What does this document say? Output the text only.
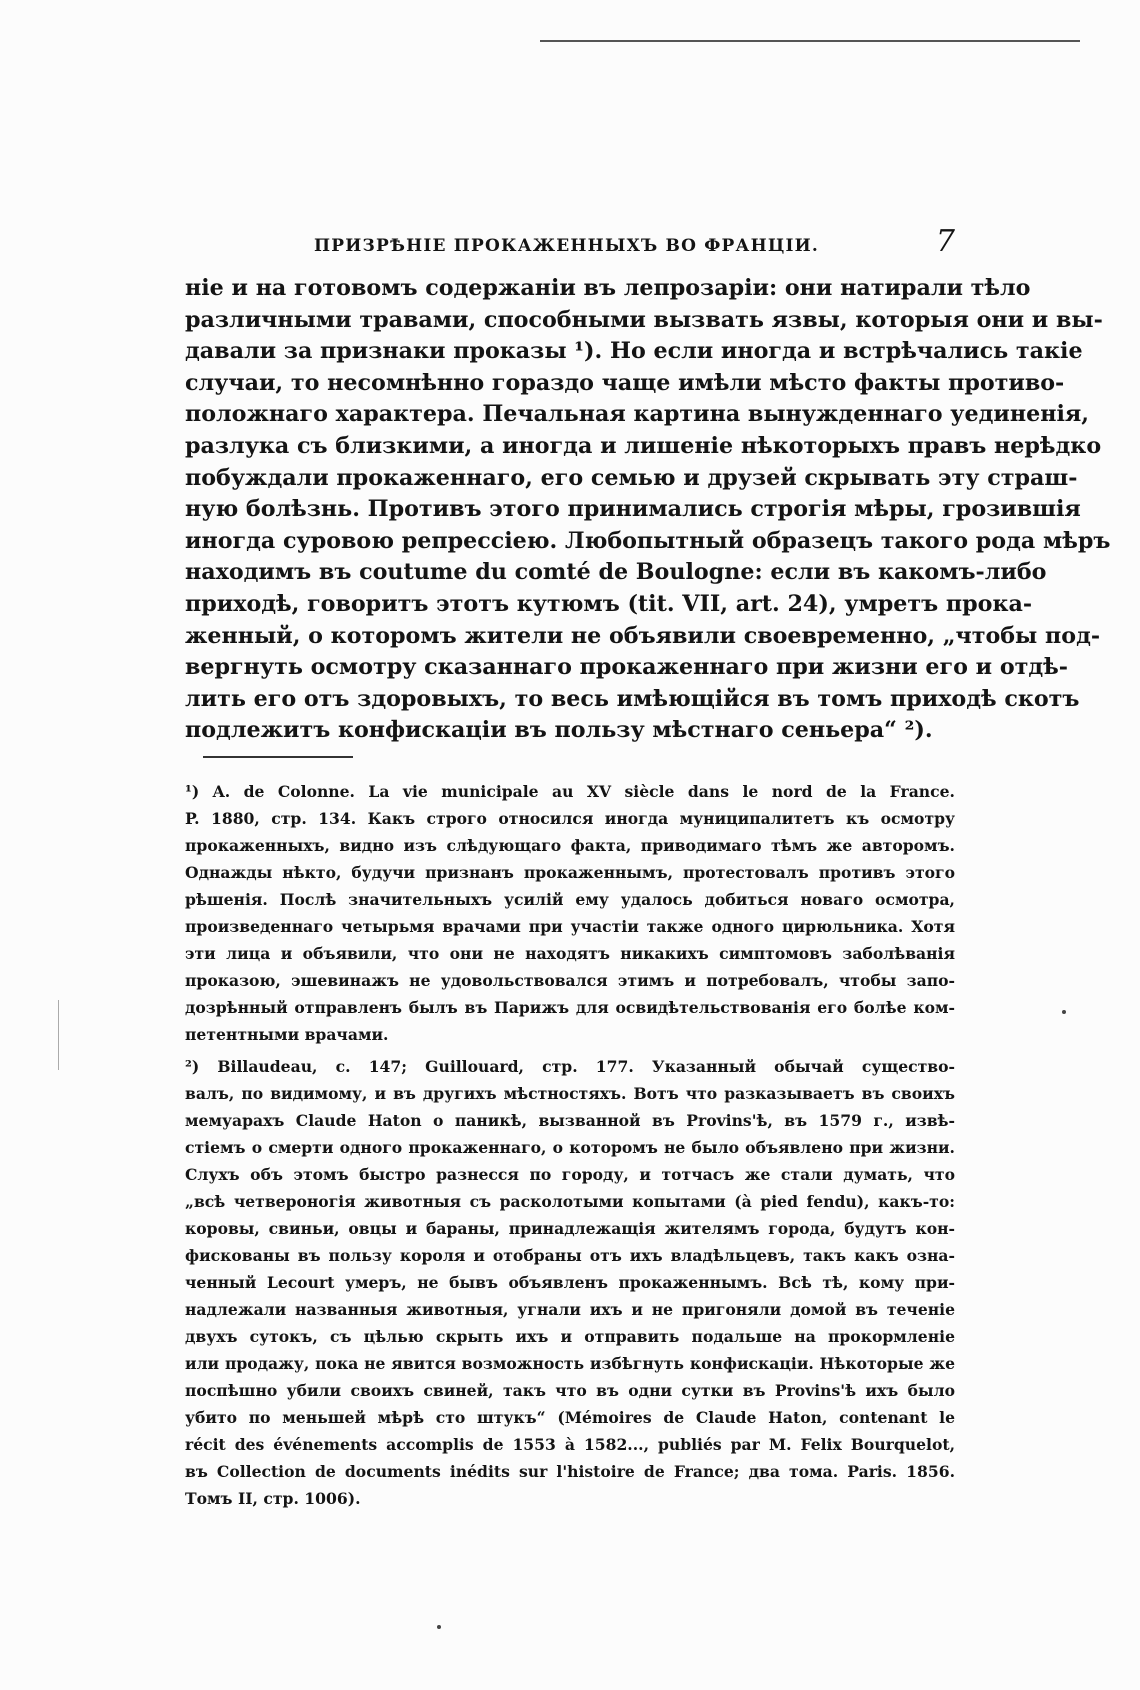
ПРИЗРѢНІЕ ПРОКАЖЕННЫХЪ ВО ФРАНЦІИ.	7
ніе и на готовомъ содержаніи въ лепрозаріи: они натирали тѣло
различными травами, способными вызвать язвы, которыя они и вы-
давали за признаки проказы ¹). Но если иногда и встрѣчались такіе
случаи, то несомнѣнно гораздо чаще имѣли мѣсто факты противо-
положнаго характера. Печальная картина вынужденнаго уединенія,
разлука съ близкими, а иногда и лишеніе нѣкоторыхъ правъ нерѣдко
побуждали прокаженнаго, его семью и друзей скрывать эту страш-
ную болѣзнь. Противъ этого принимались строгія мѣры, грозившія
иногда суровою репрессіею. Любопытный образецъ такого рода мѣръ
находимъ въ coutume du comté de Boulogne: если въ какомъ-либо
приходѣ, говоритъ этотъ кутюмъ (tit. VII, art. 24), умретъ прока-
женный, о которомъ жители не объявили своевременно, „чтобы под-
вергнуть осмотру сказаннаго прокаженнаго при жизни его и отдѣ-
лить его отъ здоровыхъ, то весь имѣющійся въ томъ приходѣ скотъ
подлежитъ конфискаціи въ пользу мѣстнаго сеньера“ ²).
¹) A. de Colonne. La vie municipale au XV siècle dans le nord de la France.
P. 1880, стр. 134. Какъ строго относился иногда муниципалитетъ къ осмотру
прокаженныхъ, видно изъ слѣдующаго факта, приводимаго тѣмъ же авторомъ.
Однажды нѣкто, будучи признанъ прокаженнымъ, протестовалъ противъ этого
рѣшенія. Послѣ значительныхъ усилій ему удалось добиться новаго осмотра,
произведеннаго четырьмя врачами при участіи также одного цирюльника. Хотя
эти лица и объявили, что они не находятъ никакихъ симптомовъ заболѣванія
проказою, эшевинажъ не удовольствовался этимъ и потребовалъ, чтобы запо-
дозрѣнный отправленъ былъ въ Парижъ для освидѣтельствованія его болѣе ком-
петентными врачами.
²) Billaudeau, c. 147; Guillouard, стр. 177. Указанный обычай существо-
валъ, по видимому, и въ другихъ мѣстностяхъ. Вотъ что разказываетъ въ своихъ
мемуарахъ Claude Haton о паникѣ, вызванной въ Provins'ѣ, въ 1579 г., извѣ-
стіемъ о смерти одного прокаженнаго, о которомъ не было объявлено при жизни.
Слухъ объ этомъ быстро разнесся по городу, и тотчасъ же стали думать, что
„всѣ четвероногія животныя съ расколотыми копытами (à pied fendu), какъ-то:
коровы, свиньи, овцы и бараны, принадлежащія жителямъ города, будутъ кон-
фискованы въ пользу короля и отобраны отъ ихъ владѣльцевъ, такъ какъ озна-
ченный Lecourt умеръ, не бывъ объявленъ прокаженнымъ. Всѣ тѣ, кому при-
надлежали названныя животныя, угнали ихъ и не пригоняли домой въ теченіе
двухъ сутокъ, съ цѣлью скрыть ихъ и отправить подальше на прокормленіе
или продажу, пока не явится возможность избѣгнуть конфискаціи. Нѣкоторые же
поспѣшно убили своихъ свиней, такъ что въ одни сутки въ Provins'ѣ ихъ было
убито по меньшей мѣрѣ сто штукъ“ (Mémoires de Claude Haton, contenant le
récit des événements accomplis de 1553 à 1582..., publiés par M. Felix Bourquelot,
въ Collection de documents inédits sur l'histoire de France; два тома. Paris. 1856.
Томъ II, стр. 1006).
